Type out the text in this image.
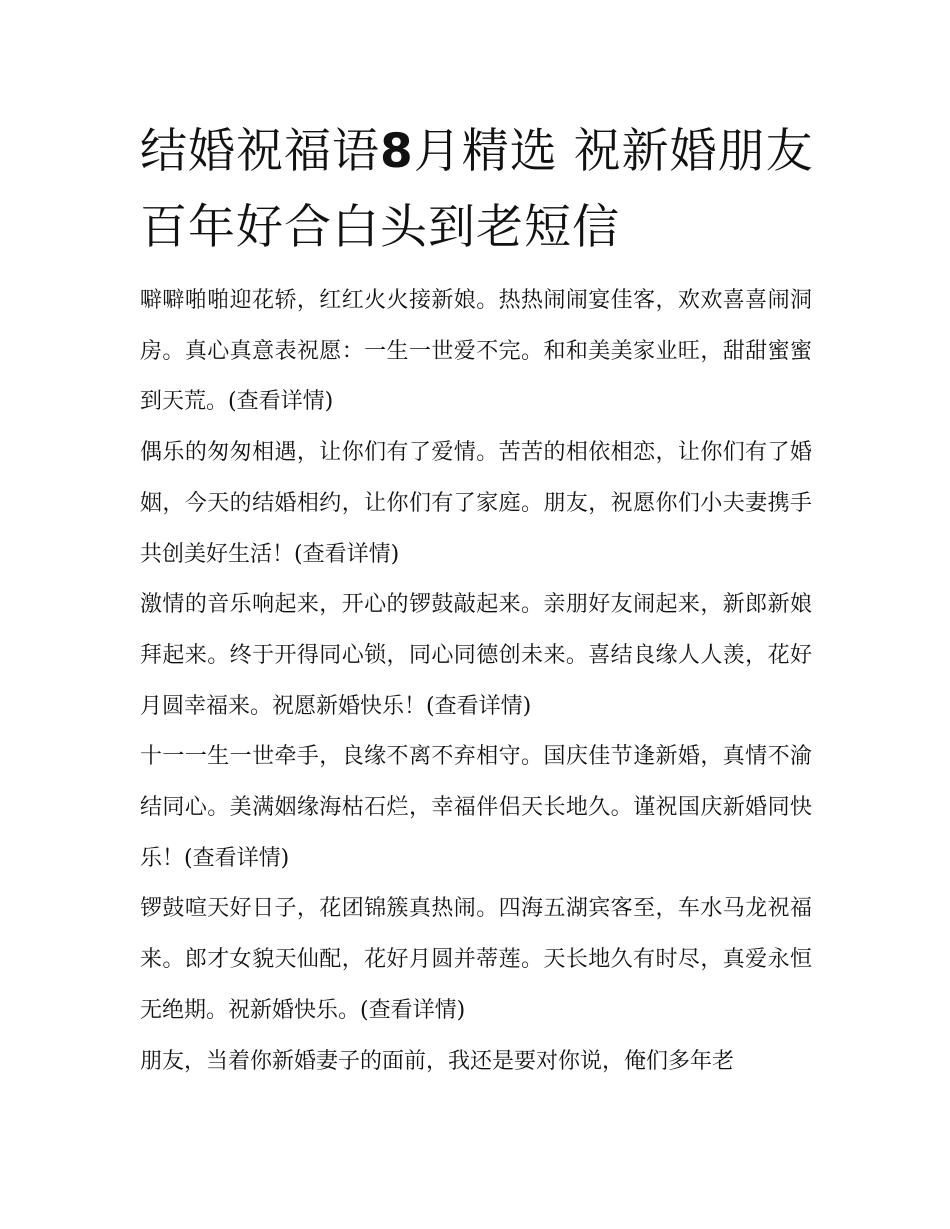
结婚祝福语8月精选 祝新婚朋友百年好合白头到老短信

噼噼啪啪迎花轿，红红火火接新娘。热热闹闹宴佳客，欢欢喜喜闹洞房。真心真意表祝愿：一生一世爱不完。和和美美家业旺，甜甜蜜蜜到天荒。(查看详情)

偶乐的匆匆相遇，让你们有了爱情。苦苦的相依相恋，让你们有了婚姻，今天的结婚相约，让你们有了家庭。朋友，祝愿你们小夫妻携手共创美好生活！(查看详情)

激情的音乐响起来，开心的锣鼓敲起来。亲朋好友闹起来，新郎新娘拜起来。终于开得同心锁，同心同德创未来。喜结良缘人人羡，花好月圆幸福来。祝愿新婚快乐！(查看详情)

十一一生一世牵手，良缘不离不弃相守。国庆佳节逢新婚，真情不渝结同心。美满姻缘海枯石烂，幸福伴侣天长地久。谨祝国庆新婚同快乐！(查看详情)

锣鼓喧天好日子，花团锦簇真热闹。四海五湖宾客至，车水马龙祝福来。郎才女貌天仙配，花好月圆并蒂莲。天长地久有时尽，真爱永恒无绝期。祝新婚快乐。(查看详情)

朋友，当着你新婚妻子的面前，我还是要对你说，俺们多年老
